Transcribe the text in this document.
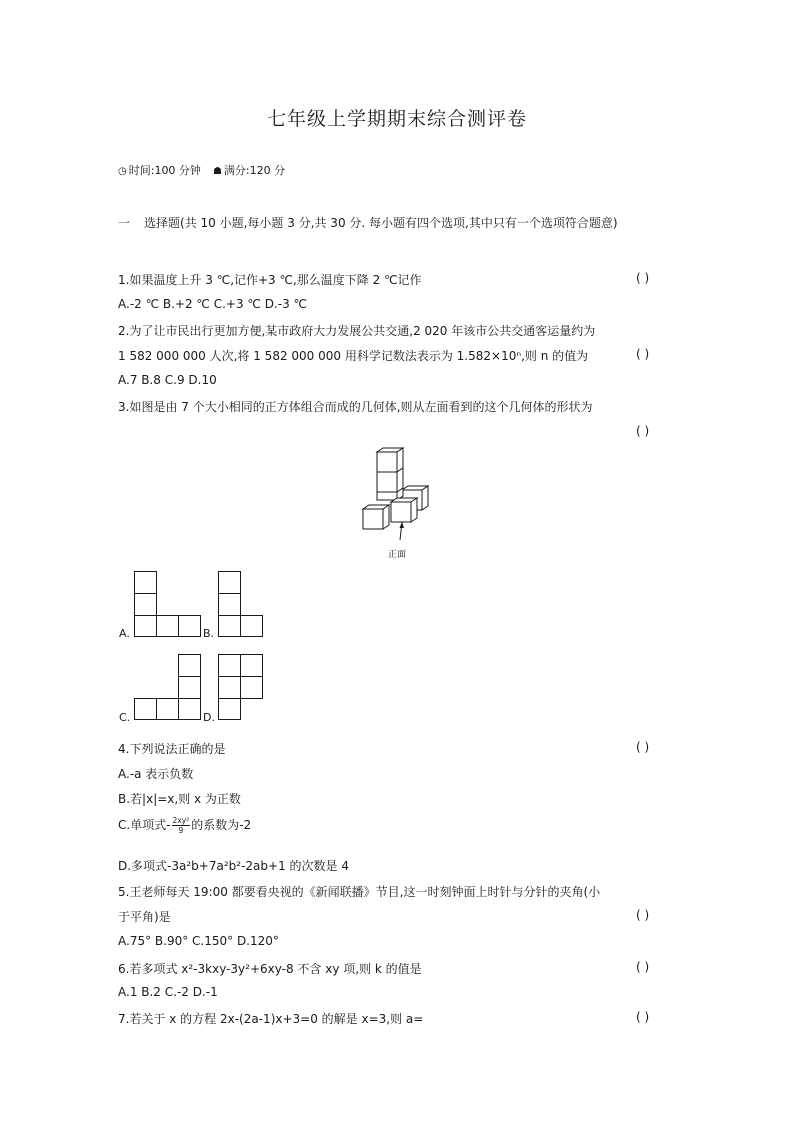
七年级上学期期末综合测评卷
◷ 时间:100 分钟 ☗ 满分:120 分
一 选择题(共 10 小题,每小题 3 分,共 30 分. 每小题有四个选项,其中只有一个选项符合题意)
1.如果温度上升 3 ℃,记作+3 ℃,那么温度下降 2 ℃记作	( )
A.-2 ℃ B.+2 ℃ C.+3 ℃ D.-3 ℃
2.为了让市民出行更加方便,某市政府大力发展公共交通,2 020 年该市公共交通客运量约为
1 582 000 000 人次,将 1 582 000 000 用科学记数法表示为 1.582×10ⁿ,则 n 的值为	( )
A.7 B.8 C.9 D.10
3.如图是由 7 个大小相同的正方体组合而成的几何体,则从左面看到的这个几何体的形状为
( )
正面
A.	B.
C.	D.
4.下列说法正确的是	( )
A.-a 表示负数
B.若|x|=x,则 x 为正数
C.单项式- $\frac{\text{2xy²}}{9}$ 的系数为-2
D.多项式-3a²b+7a²b²-2ab+1 的次数是 4
5.王老师每天 19:00 都要看央视的《新闻联播》节目,这一时刻钟面上时针与分针的夹角(小
于平角)是	( )
A.75° B.90° C.150° D.120°
6.若多项式 x²-3kxy-3y²+6xy-8 不含 xy 项,则 k 的值是	( )
A.1 B.2 C.-2 D.-1
7.若关于 x 的方程 2x-(2a-1)x+3=0 的解是 x=3,则 a=	( )
